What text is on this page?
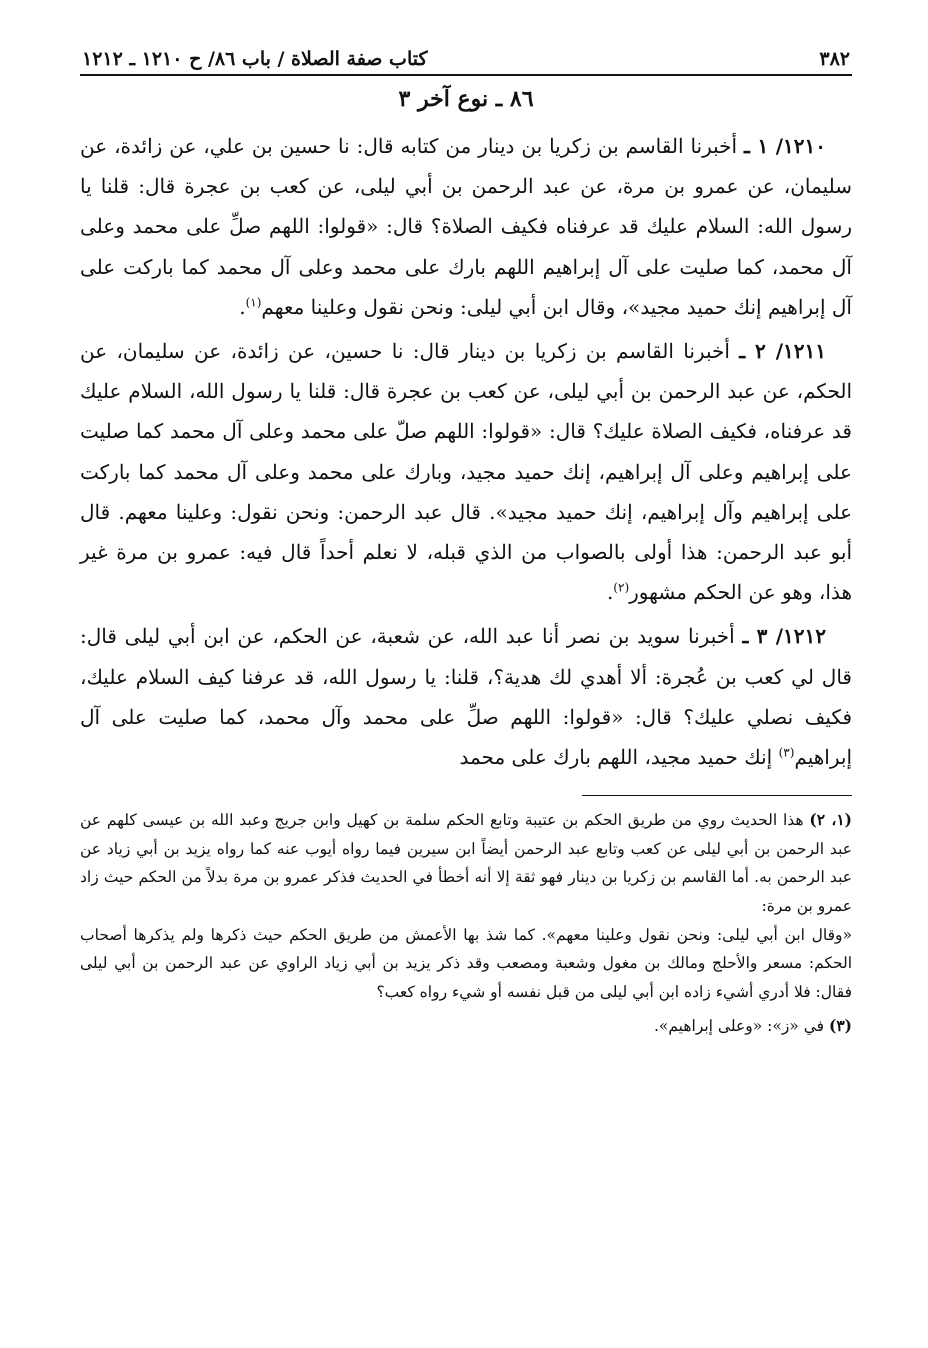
٣٨٢
كتاب صفة الصلاة / باب ٨٦/ ح ١٢١٠ ـ ١٢١٢
٨٦ ـ نوع آخر ٣

١٢١٠/ ١ ـ أخبرنا القاسم بن زكريا بن دينار من كتابه قال: نا حسين بن علي، عن زائدة، عن سليمان، عن عمرو بن مرة، عن عبد الرحمن بن أبي ليلى، عن كعب بن عجرة قال: قلنا يا رسول الله: السلام عليك قد عرفناه فكيف الصلاة؟ قال: «قولوا: اللهم صلِّ على محمد وعلى آل محمد، كما صليت على آل إبراهيم اللهم بارك على محمد وعلى آل محمد كما باركت على آل إبراهيم إنك حميد مجيد»، وقال ابن أبي ليلى: ونحن نقول وعلينا معهم$^{(١)}$.

١٢١١/ ٢ ـ أخبرنا القاسم بن زكريا بن دينار قال: نا حسين، عن زائدة، عن سليمان، عن الحكم، عن عبد الرحمن بن أبي ليلى، عن كعب بن عجرة قال: قلنا يا رسول الله، السلام عليك قد عرفناه، فكيف الصلاة عليك؟ قال: «قولوا: اللهم صلّ على محمد وعلى آل محمد كما صليت على إبراهيم وعلى آل إبراهيم، إنك حميد مجيد، وبارك على محمد وعلى آل محمد كما باركت على إبراهيم وآل إبراهيم، إنك حميد مجيد». قال عبد الرحمن: ونحن نقول: وعلينا معهم. قال أبو عبد الرحمن: هذا أولى بالصواب من الذي قبله، لا نعلم أحداً قال فيه: عمرو بن مرة غير هذا، وهو عن الحكم مشهور$^{(٢)}$.

١٢١٢/ ٣ ـ أخبرنا سويد بن نصر أنا عبد الله، عن شعبة، عن الحكم، عن ابن أبي ليلى قال: قال لي كعب بن عُجرة: ألا أهدي لك هدية؟، قلنا: يا رسول الله، قد عرفنا كيف السلام عليك، فكيف نصلي عليك؟ قال: «قولوا: اللهم صلِّ على محمد وآل محمد، كما صليت على آل إبراهيم$^{(٣)}$ إنك حميد مجيد، اللهم بارك على محمد

(١، ٢) هذا الحديث روي من طريق الحكم بن عتيبة وتابع الحكم سلمة بن كهيل وابن جريج وعبد الله بن عيسى كلهم عن عبد الرحمن بن أبي ليلى عن كعب وتابع عبد الرحمن أيضاً ابن سيرين فيما رواه أيوب عنه كما رواه يزيد بن أبي زياد عن عبد الرحمن به. أما القاسم بن زكريا بن دينار فهو ثقة إلا أنه أخطأ في الحديث فذكر عمرو بن مرة بدلاً من الحكم حيث زاد عمرو بن مرة:

«وقال ابن أبي ليلى: ونحن نقول وعلينا معهم». كما شذ بها الأعمش من طريق الحكم حيث ذكرها ولم يذكرها أصحاب الحكم: مسعر والأحلج ومالك بن مغول وشعبة ومصعب وقد ذكر يزيد بن أبي زياد الراوي عن عبد الرحمن بن أبي ليلى فقال: فلا أدري أشيء زاده ابن أبي ليلى من قبل نفسه أو شيء رواه كعب؟

(٣) في «ز»: «وعلى إبراهيم».
